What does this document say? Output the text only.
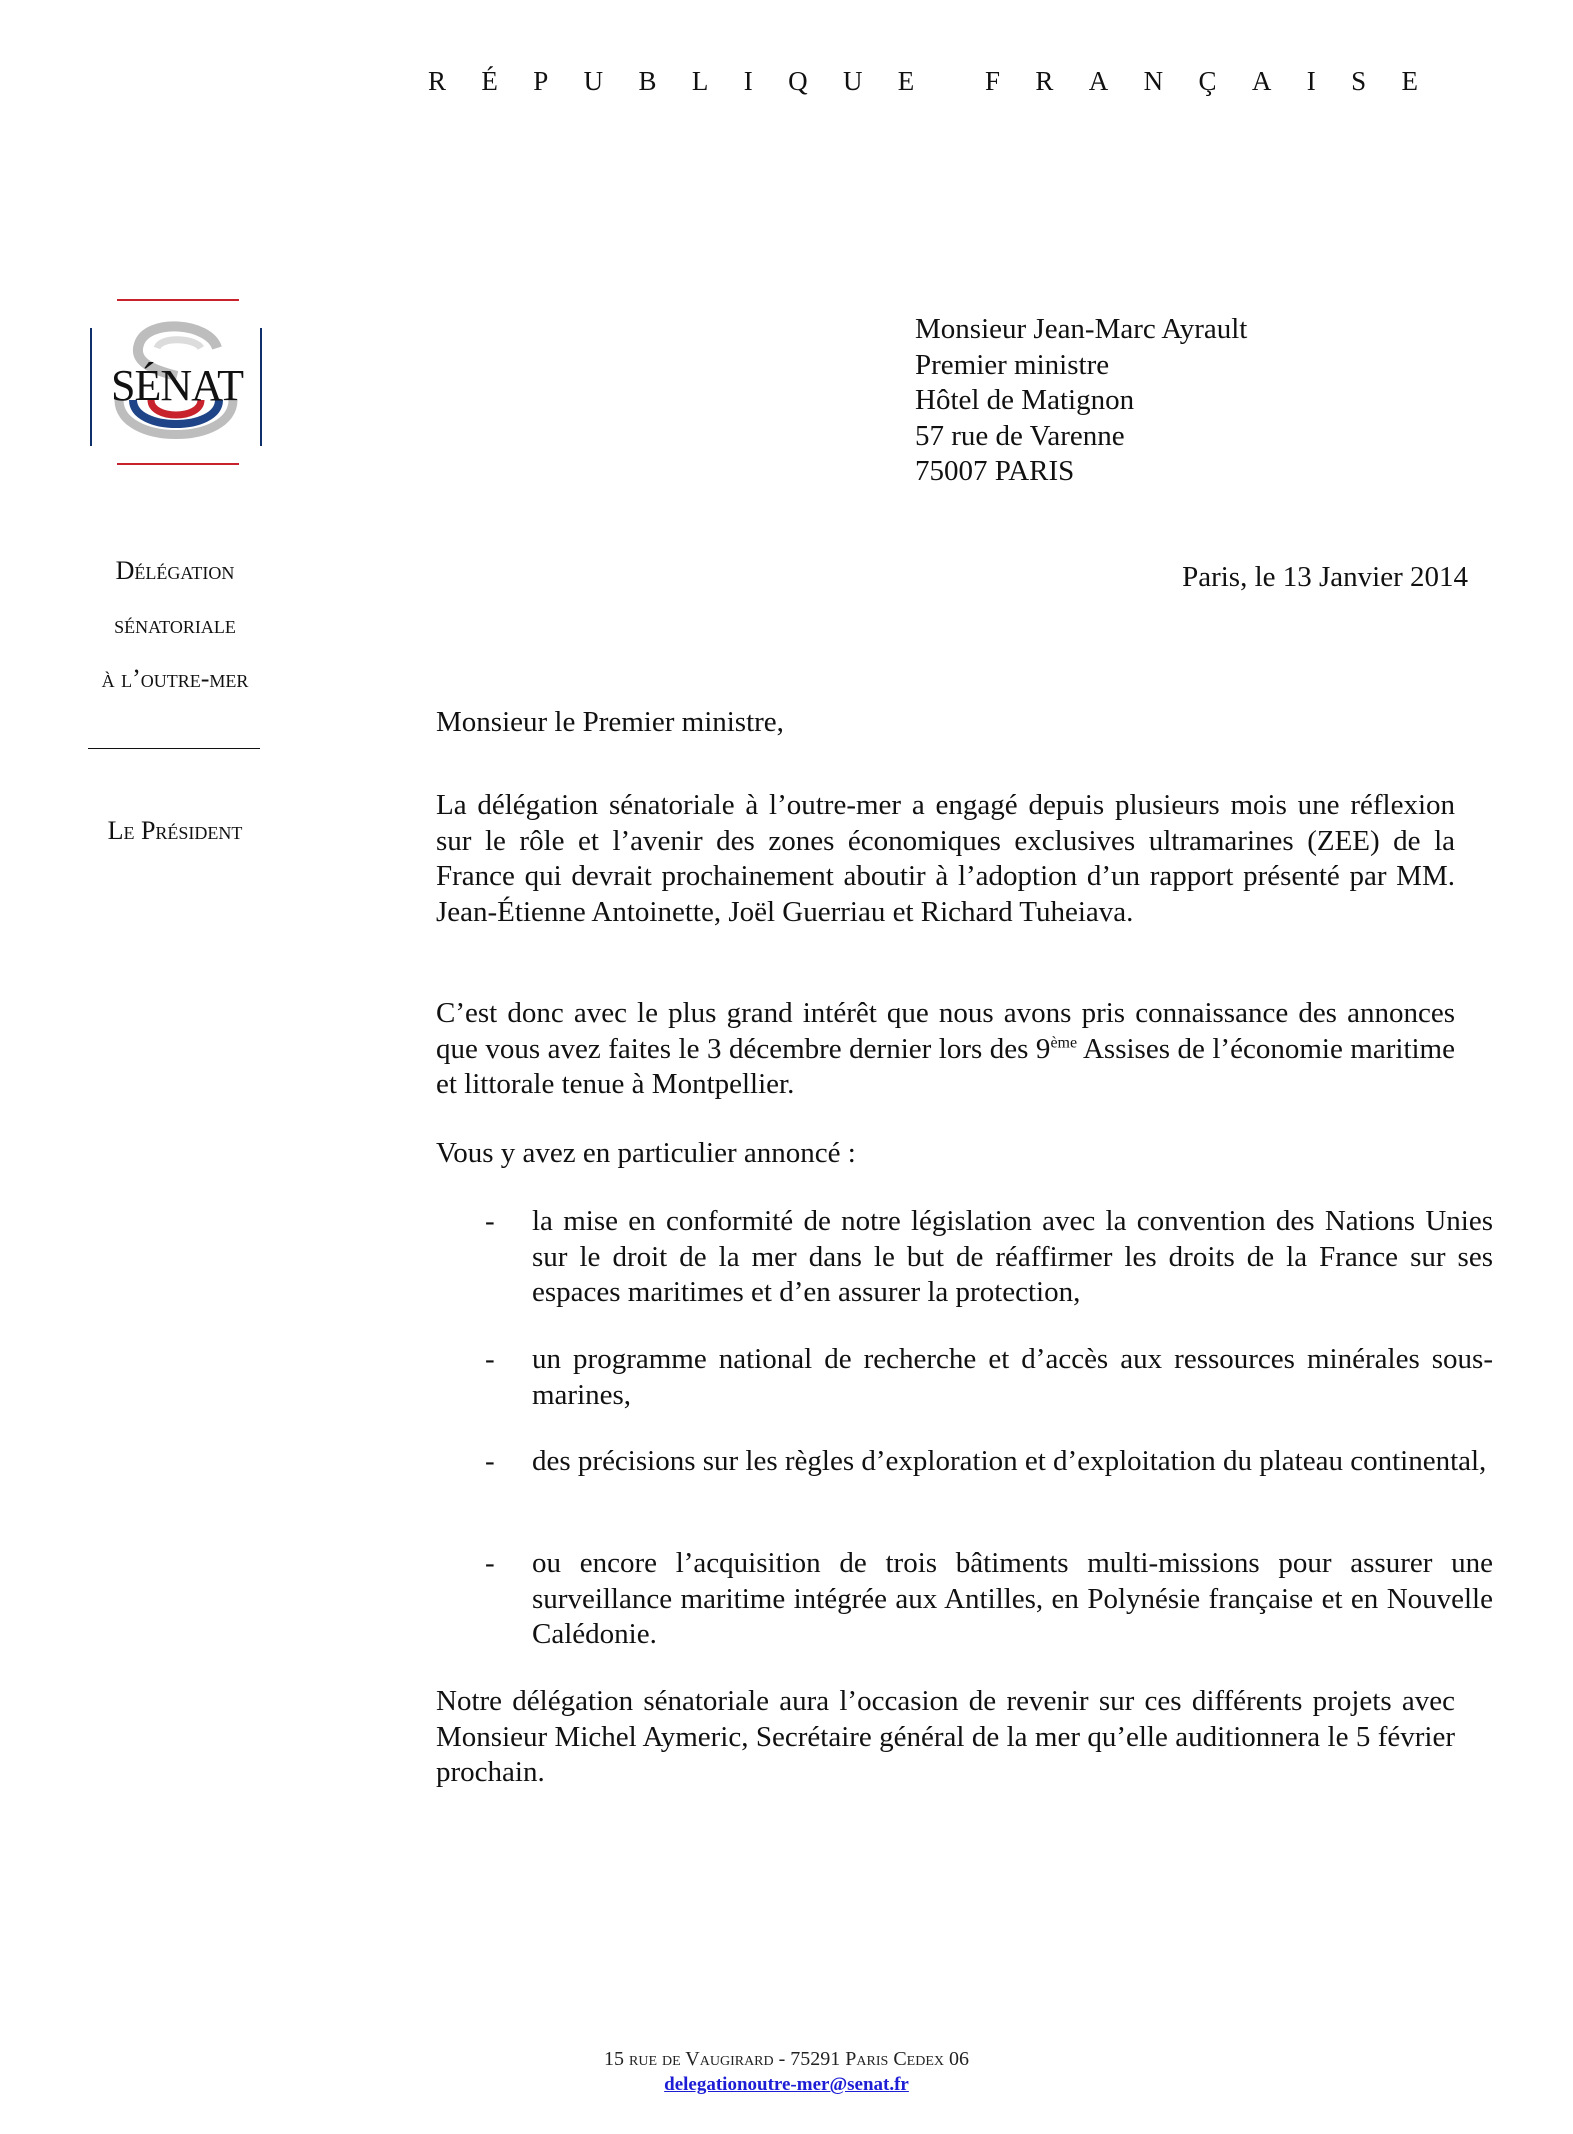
R É P U B L I Q U E	F R A N Ç A I S E
SÉNAT
Délégation
sénatoriale
à l’outre-mer
Le Président
Monsieur Jean-Marc Ayrault
Premier ministre
Hôtel de Matignon
57 rue de Varenne
75007 PARIS
Paris, le 13 Janvier 2014
Monsieur le Premier ministre,
La délégation sénatoriale à l’outre-mer a engagé depuis plusieurs mois une réflexion sur le rôle et l’avenir des zones économiques exclusives ultramarines (ZEE) de la France qui devrait prochainement aboutir à l’adoption d’un rapport présenté par MM. Jean-Étienne Antoinette, Joël Guerriau et Richard Tuheiava.
C’est donc avec le plus grand intérêt que nous avons pris connaissance des annonces que vous avez faites le 3 décembre dernier lors des 9ème Assises de l’économie maritime et littorale tenue à Montpellier.
Vous y avez en particulier annoncé :
- la mise en conformité de notre législation avec la convention des Nations Unies sur le droit de la mer dans le but de réaffirmer les droits de la France sur ses espaces maritimes et d’en assurer la protection,
- un programme national de recherche et d’accès aux ressources minérales sous-marines,
- des précisions sur les règles d’exploration et d’exploitation du plateau continental,
- ou encore l’acquisition de trois bâtiments multi-missions pour assurer une surveillance maritime intégrée aux Antilles, en Polynésie française et en Nouvelle Calédonie.
Notre délégation sénatoriale aura l’occasion de revenir sur ces différents projets avec Monsieur Michel Aymeric, Secrétaire général de la mer qu’elle auditionnera le 5 février prochain.
15 rue de Vaugirard - 75291 Paris Cedex 06
delegationoutre-mer@senat.fr
